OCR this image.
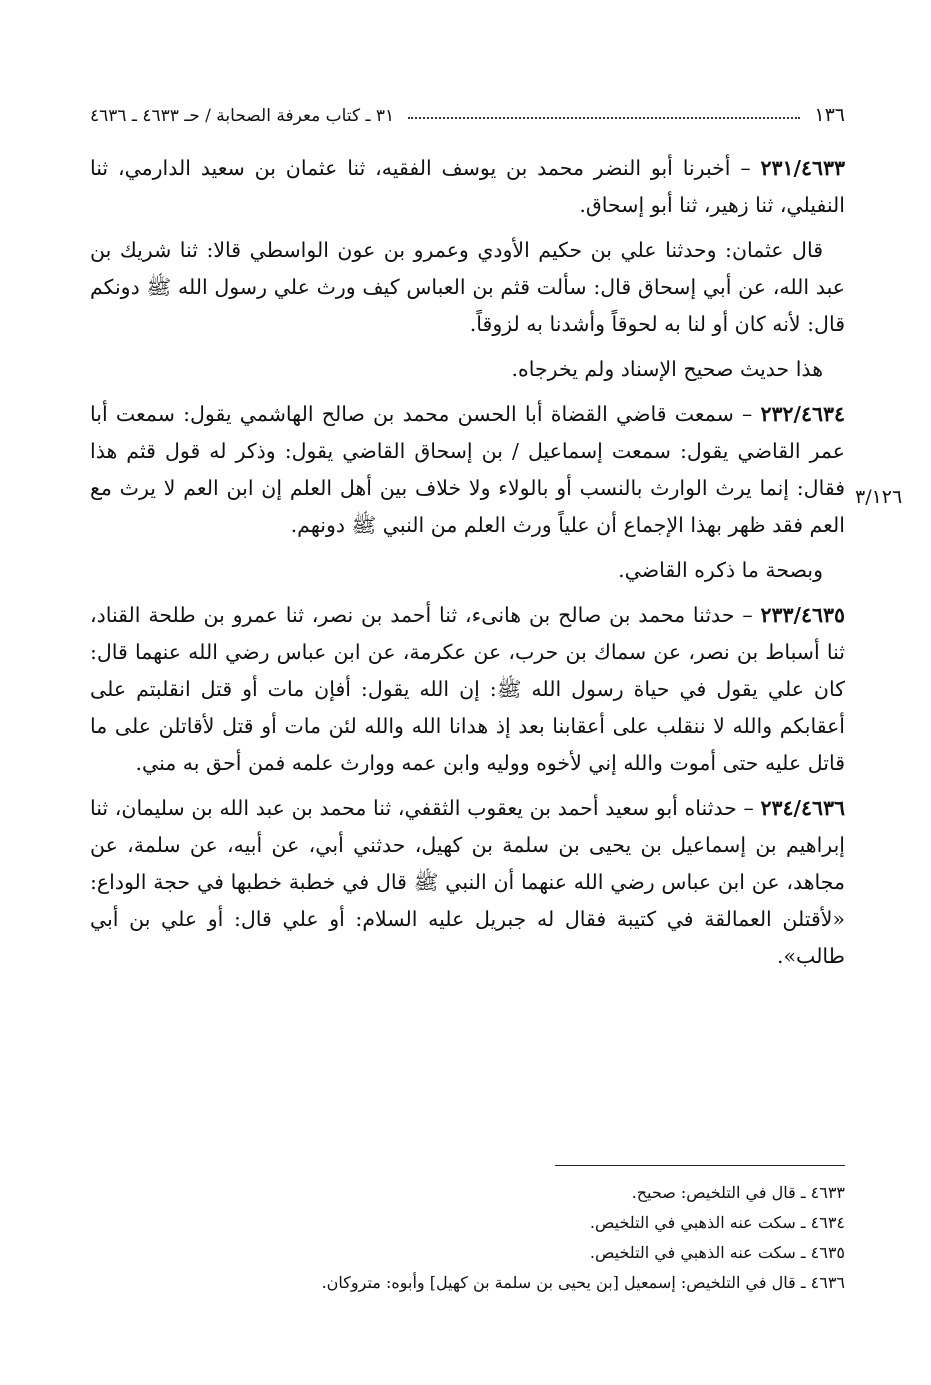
١٣٦
٣١ ـ كتاب معرفة الصحابة / حـ ٤٦٣٣ ـ ٤٦٣٦
٣/١٢٦

٢٣١/٤٦٣٣ – أخبرنا أبو النضر محمد بن يوسف الفقيه، ثنا عثمان بن سعيد الدارمي، ثنا النفيلي، ثنا زهير، ثنا أبو إسحاق.

قال عثمان: وحدثنا علي بن حكيم الأودي وعمرو بن عون الواسطي قالا: ثنا شريك بن عبد الله، عن أبي إسحاق قال: سألت قثم بن العباس كيف ورث علي رسول الله ﷺ دونكم قال: لأنه كان أو لنا به لحوقاً وأشدنا به لزوقاً.

هذا حديث صحيح الإسناد ولم يخرجاه.

٢٣٢/٤٦٣٤ – سمعت قاضي القضاة أبا الحسن محمد بن صالح الهاشمي يقول: سمعت أبا عمر القاضي يقول: سمعت إسماعيل / بن إسحاق القاضي يقول: وذكر له قول قثم هذا فقال: إنما يرث الوارث بالنسب أو بالولاء ولا خلاف بين أهل العلم إن ابن العم لا يرث مع العم فقد ظهر بهذا الإجماع أن علياً ورث العلم من النبي ﷺ دونهم.

وبصحة ما ذكره القاضي.

٢٣٣/٤٦٣٥ – حدثنا محمد بن صالح بن هانىء، ثنا أحمد بن نصر، ثنا عمرو بن طلحة القناد، ثنا أسباط بن نصر، عن سماك بن حرب، عن عكرمة، عن ابن عباس رضي الله عنهما قال: كان علي يقول في حياة رسول الله ﷺ: إن الله يقول: أفإن مات أو قتل انقلبتم على أعقابكم والله لا ننقلب على أعقابنا بعد إذ هدانا الله والله لئن مات أو قتل لأقاتلن على ما قاتل عليه حتى أموت والله إني لأخوه ووليه وابن عمه ووارث علمه فمن أحق به مني.

٢٣٤/٤٦٣٦ – حدثناه أبو سعيد أحمد بن يعقوب الثقفي، ثنا محمد بن عبد الله بن سليمان، ثنا إبراهيم بن إسماعيل بن يحيى بن سلمة بن كهيل، حدثني أبي، عن أبيه، عن سلمة، عن مجاهد، عن ابن عباس رضي الله عنهما أن النبي ﷺ قال في خطبة خطبها في حجة الوداع: «لأقتلن العمالقة في كتيبة فقال له جبريل عليه السلام: أو علي قال: أو علي بن أبي طالب».

٤٦٣٣ ـ قال في التلخيص: صحيح.

٤٦٣٤ ـ سكت عنه الذهبي في التلخيص.

٤٦٣٥ ـ سكت عنه الذهبي في التلخيص.

٤٦٣٦ ـ قال في التلخيص: إسمعيل [بن يحيى بن سلمة بن كهيل] وأبوه: متروكان.
